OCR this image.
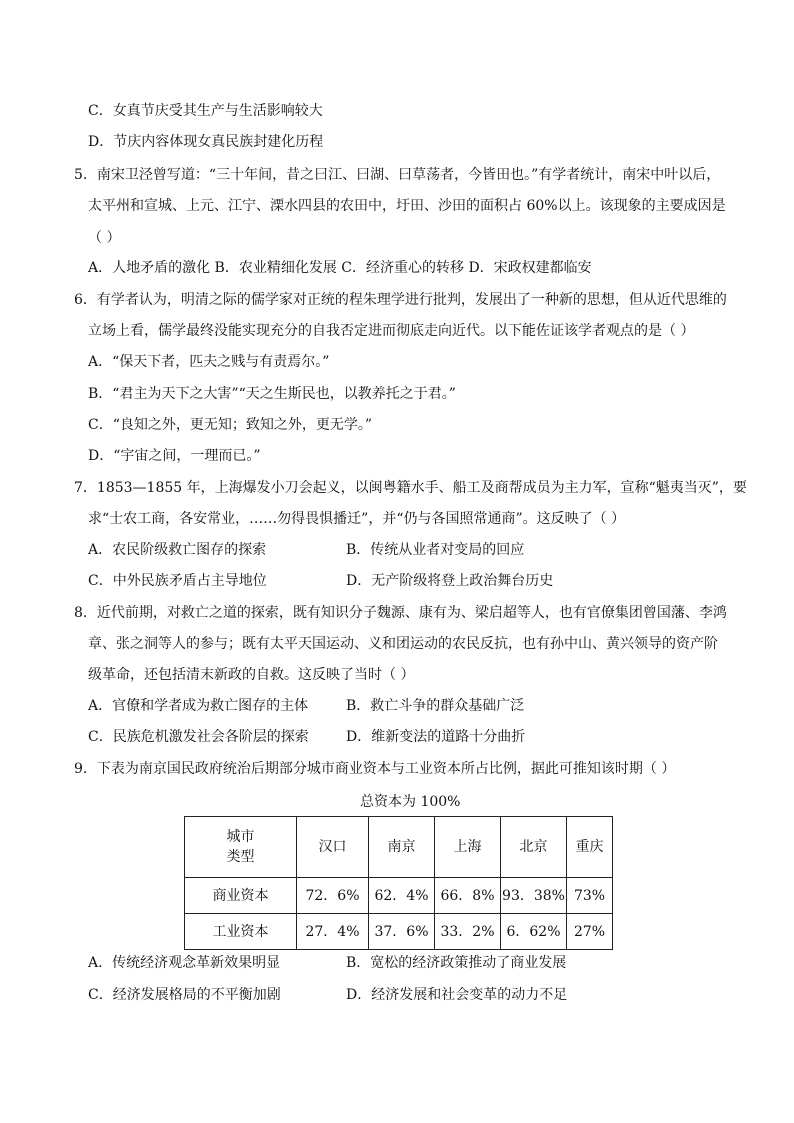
C．女真节庆受其生产与生活影响较大
D．节庆内容体现女真民族封建化历程
5．南宋卫泾曾写道：“三十年间，昔之曰江、曰湖、曰草荡者，今皆田也。”有学者统计，南宋中叶以后，
太平州和宣城、上元、江宁、溧水四县的农田中，圩田、沙田的面积占 60%以上。该现象的主要成因是
（ ）
A．人地矛盾的激化 B．农业精细化发展 C．经济重心的转移 D．宋政权建都临安
6．有学者认为，明清之际的儒学家对正统的程朱理学进行批判，发展出了一种新的思想，但从近代思维的
立场上看，儒学最终没能实现充分的自我否定进而彻底走向近代。以下能佐证该学者观点的是（ ）
A．“保天下者，匹夫之贱与有责焉尔。”
B．“君主为天下之大害”“天之生斯民也，以教养托之于君。”
C．“良知之外，更无知；致知之外，更无学。”
D．“宇宙之间，一理而已。”
7．1853—1855 年，上海爆发小刀会起义，以闽粤籍水手、船工及商帮成员为主力军，宣称“魁夷当灭”，要
求“士农工商，各安常业，……勿得畏惧播迁”，并“仍与各国照常通商”。这反映了（ ）
A．农民阶级救亡图存的探索	B．传统从业者对变局的回应
C．中外民族矛盾占主导地位	D．无产阶级将登上政治舞台历史
8．近代前期，对救亡之道的探索，既有知识分子魏源、康有为、梁启超等人，也有官僚集团曾国藩、李鸿
章、张之洞等人的参与；既有太平天国运动、义和团运动的农民反抗，也有孙中山、黄兴领导的资产阶
级革命，还包括清末新政的自救。这反映了当时（ ）
A．官僚和学者成为救亡图存的主体	B．救亡斗争的群众基础广泛
C．民族危机激发社会各阶层的探索	D．维新变法的道路十分曲折
9．下表为南京国民政府统治后期部分城市商业资本与工业资本所占比例，据此可推知该时期（ ）
总资本为 100%
城市
类型	汉口	南京	上海	北京	重庆
商业资本	72．6%	62．4%	66．8%	93．38%	73%
工业资本	27．4%	37．6%	33．2%	6．62%	27%
A．传统经济观念革新效果明显	B．宽松的经济政策推动了商业发展
C．经济发展格局的不平衡加剧	D．经济发展和社会变革的动力不足
